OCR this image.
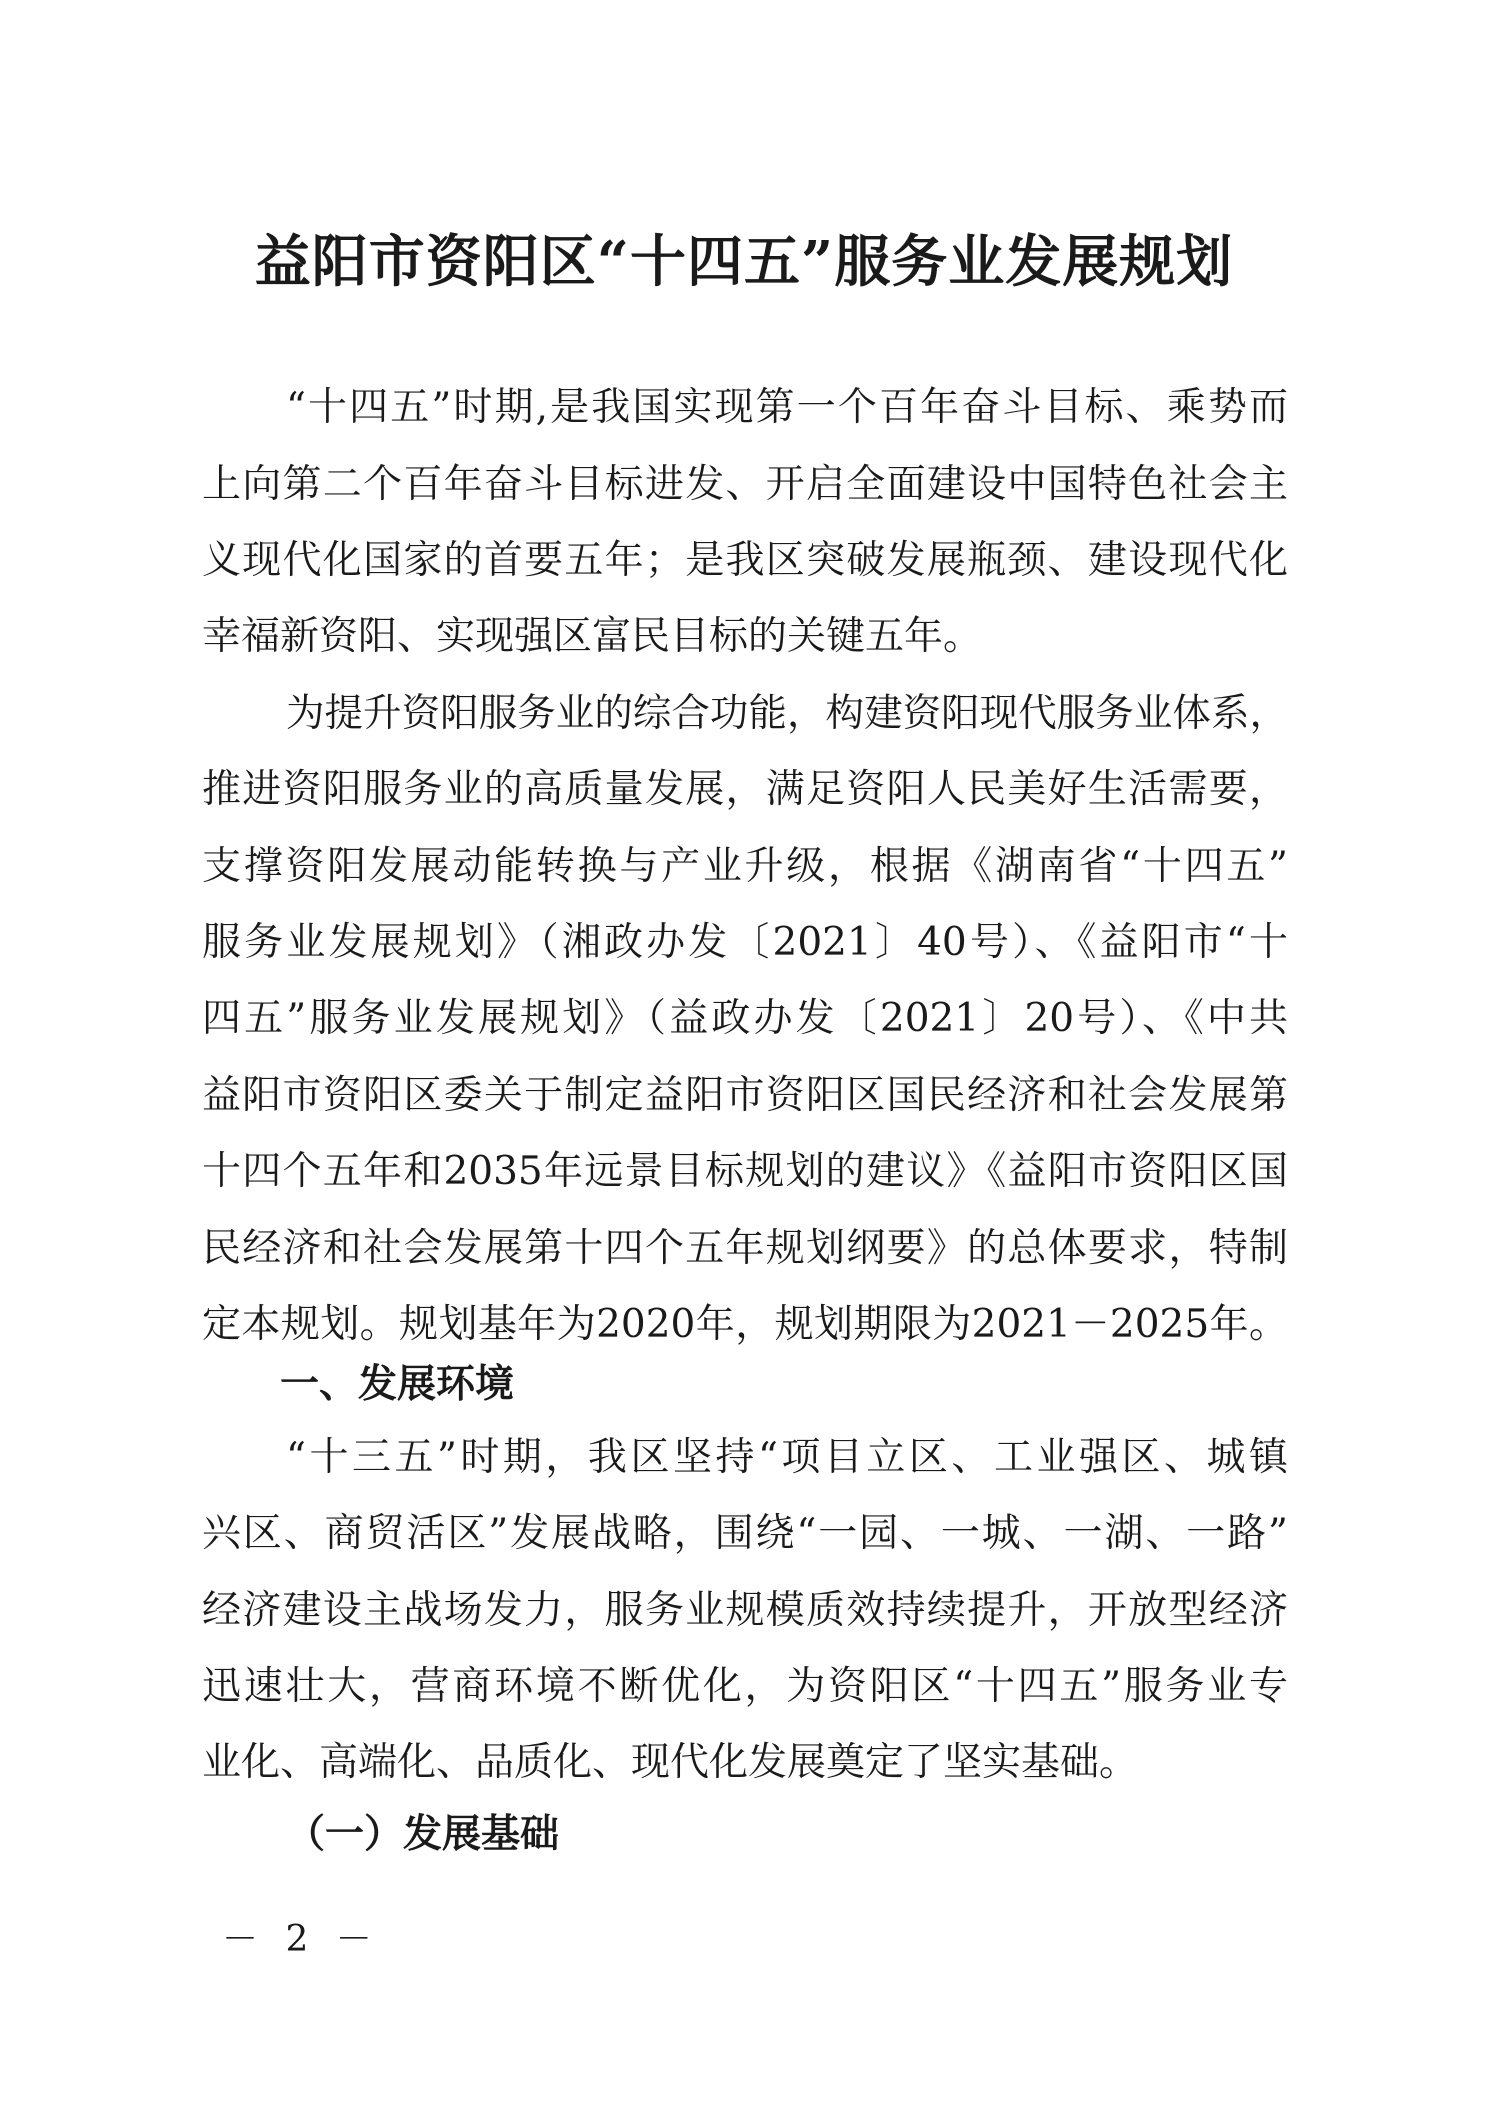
益阳市资阳区“十四五”服务业发展规划
“十四五”时期,是我国实现第一个百年奋斗目标、乘势而
上向第二个百年奋斗目标进发、开启全面建设中国特色社会主
义现代化国家的首要五年；是我区突破发展瓶颈、建设现代化
幸福新资阳、实现强区富民目标的关键五年。
为提升资阳服务业的综合功能，构建资阳现代服务业体系，
推进资阳服务业的高质量发展，满足资阳人民美好生活需要，
支撑资阳发展动能转换与产业升级，根据《湖南省“十四五”
服务业发展规划》（湘政办发〔2021〕40号）、《益阳市“十
四五”服务业发展规划》（益政办发〔2021〕20号）、《中共
益阳市资阳区委关于制定益阳市资阳区国民经济和社会发展第
十四个五年和2035年远景目标规划的建议》《益阳市资阳区国
民经济和社会发展第十四个五年规划纲要》的总体要求，特制
定本规划。规划基年为2020年，规划期限为2021－2025年。
一、发展环境
“十三五”时期，我区坚持“项目立区、工业强区、城镇
兴区、商贸活区”发展战略，围绕“一园、一城、一湖、一路”
经济建设主战场发力，服务业规模质效持续提升，开放型经济
迅速壮大，营商环境不断优化，为资阳区“十四五”服务业专
业化、高端化、品质化、现代化发展奠定了坚实基础。
（一）发展基础
－ 2 －
